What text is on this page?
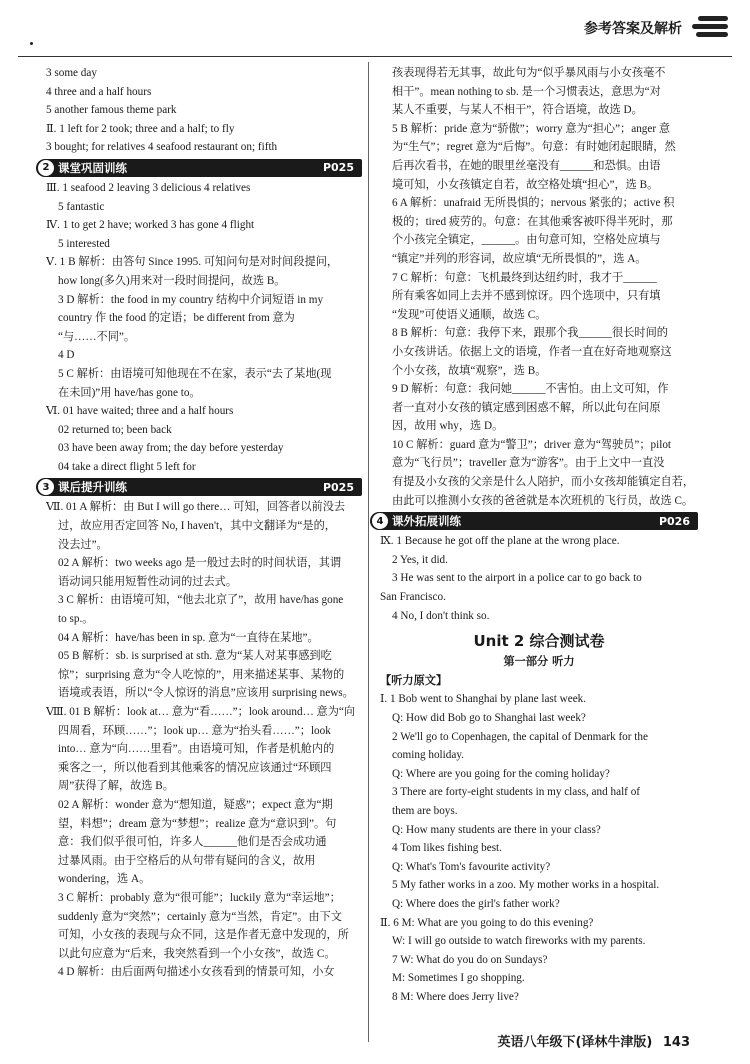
参考答案及解析
3 some day
4 three and a half hours
5 another famous theme park
Ⅱ. 1 left for 2 took; three and a half; to fly
3 bought; for relatives 4 seafood restaurant on; fifth
2 课堂巩固训练	P025
Ⅲ. 1 seafood 2 leaving 3 delicious 4 relatives
5 fantastic
Ⅳ. 1 to get 2 have; worked 3 has gone 4 flight
5 interested
Ⅴ. 1 B 解析：由答句 Since 1995. 可知问句是对时间段提问，
how long(多久)用来对一段时间提问，故选 B。
3 D 解析：the food in my country 结构中介词短语 in my
country 作 the food 的定语；be different from 意为
“与……不同”。
4 D
5 C 解析：由语境可知他现在不在家，表示“去了某地(现
在未回)”用 have/has gone to。
Ⅵ. 01 have waited; three and a half hours
02 returned to; been back
03 have been away from; the day before yesterday
04 take a direct flight 5 left for
3 课后提升训练	P025
Ⅶ. 01 A 解析：由 But I will go there… 可知，回答者以前没去
过，故应用否定回答 No, I haven't，其中文翻译为“是的，
没去过”。
02 A 解析：two weeks ago 是一般过去时的时间状语，其谓
语动词只能用短暂性动词的过去式。
3 C 解析：由语境可知，“他去北京了”，故用 have/has gone
to sp.。
04 A 解析：have/has been in sp. 意为“一直待在某地”。
05 B 解析：sb. is surprised at sth. 意为“某人对某事感到吃
惊”；surprising 意为“令人吃惊的”，用来描述某事、某物的
语境或表语，所以“令人惊讶的消息”应该用 surprising news。
Ⅷ. 01 B 解析：look at… 意为“看……”；look around… 意为“向
四周看，环顾……”；look up… 意为“抬头看……”；look
into… 意为“向……里看”。由语境可知，作者是机舱内的
乘客之一，所以他看到其他乘客的情况应该通过“环顾四
周”获得了解，故选 B。
02 A 解析：wonder 意为“想知道，疑惑”；expect 意为“期
望，料想”；dream 意为“梦想”；realize 意为“意识到”。句
意：我们似乎很可怕，许多人______他们是否会成功通
过暴风雨。由于空格后的从句带有疑问的含义，故用
wondering，选 A。
3 C 解析：probably 意为“很可能”；luckily 意为“幸运地”；
suddenly 意为“突然”；certainly 意为“当然，肯定”。由下文
可知，小女孩的表现与众不同，这是作者无意中发现的，所
以此句应意为“后来，我突然看到一个小女孩”，故选 C。
4 D 解析：由后面两句描述小女孩看到的情景可知，小女
孩表现得若无其事，故此句为“似乎暴风雨与小女孩毫不
相干”。mean nothing to sb. 是一个习惯表达，意思为“对
某人不重要，与某人不相干”，符合语境，故选 D。
5 B 解析：pride 意为“骄傲”；worry 意为“担心”；anger 意
为“生气”；regret 意为“后悔”。句意：有时她闭起眼睛，然
后再次看书，在她的眼里丝毫没有______和恐惧。由语
境可知，小女孩镇定自若，故空格处填“担心”，选 B。
6 A 解析：unafraid 无所畏惧的；nervous 紧张的；active 积
极的；tired 疲劳的。句意：在其他乘客被吓得半死时，那
个小孩完全镇定，______。由句意可知，空格处应填与
“镇定”并列的形容词，故应填“无所畏惧的”，选 A。
7 C 解析：句意：飞机最终到达纽约时，我才于______
所有乘客如同上去并不感到惊讶。四个选项中，只有填
“发现”可使语义通顺，故选 C。
8 B 解析：句意：我停下来，跟那个我______很长时间的
小女孩讲话。依据上文的语境，作者一直在好奇地观察这
个小女孩，故填“观察”，选 B。
9 D 解析：句意：我问她______不害怕。由上文可知，作
者一直对小女孩的镇定感到困惑不解，所以此句在问原
因，故用 why，选 D。
10 C 解析：guard 意为“警卫”；driver 意为“驾驶员”；pilot
意为“飞行员”；traveller 意为“游客”。由于上文中一直没
有提及小女孩的父亲是什么人陪护，而小女孩却能镇定自若，
由此可以推测小女孩的爸爸就是本次班机的飞行员，故选 C。
4 课外拓展训练	P026
Ⅸ. 1 Because he got off the plane at the wrong place.
2 Yes, it did.
3 He was sent to the airport in a police car to go back to
San Francisco.
4 No, I don't think so.
Unit 2 综合测试卷
第一部分 听力
【听力原文】
Ⅰ. 1 Bob went to Shanghai by plane last week.
Q: How did Bob go to Shanghai last week?
2 We'll go to Copenhagen, the capital of Denmark for the
coming holiday.
Q: Where are you going for the coming holiday?
3 There are forty-eight students in my class, and half of
them are boys.
Q: How many students are there in your class?
4 Tom likes fishing best.
Q: What's Tom's favourite activity?
5 My father works in a zoo. My mother works in a hospital.
Q: Where does the girl's father work?
Ⅱ. 6 M: What are you going to do this evening?
W: I will go outside to watch fireworks with my parents.
7 W: What do you do on Sundays?
M: Sometimes I go shopping.
8 M: Where does Jerry live?
英语八年级下(译林牛津版) 143
